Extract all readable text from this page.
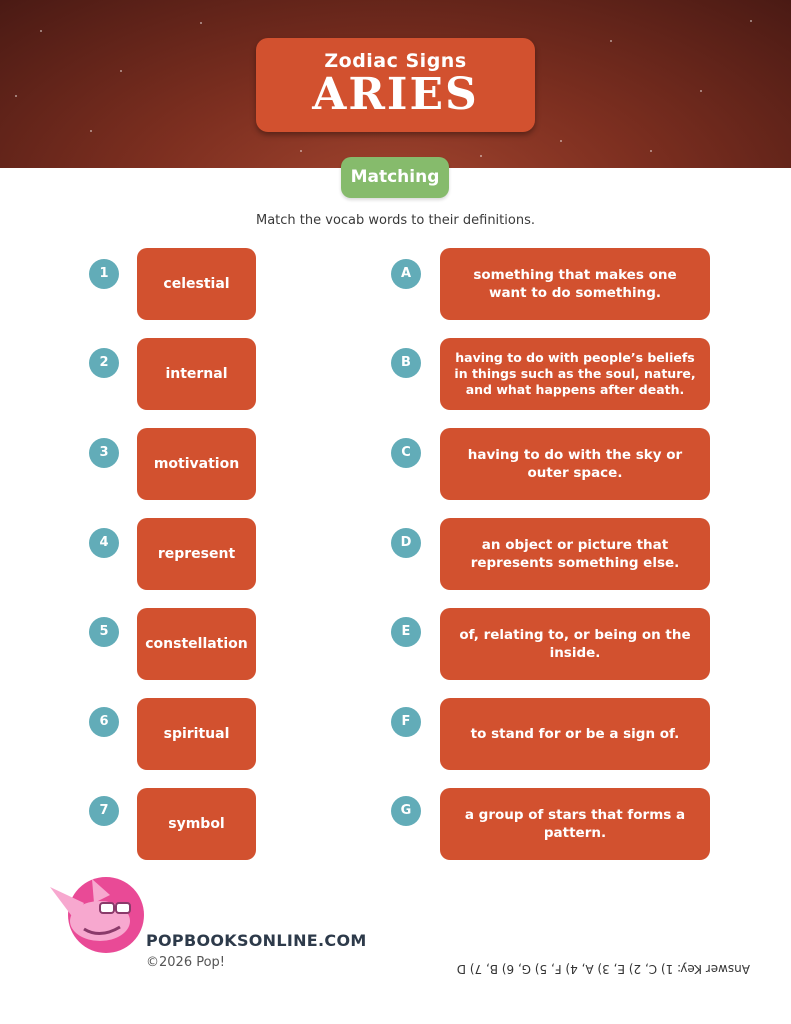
Zodiac Signs
ARIES
Matching
Match the vocab words to their definitions.
1
celestial
2
internal
3
motivation
4
represent
5
constellation
6
spiritual
7
symbol
A	something that makes one want to do something.
B	having to do with people’s beliefs in things such as the soul, nature, and what happens after death.
C	having to do with the sky or outer space.
D	an object or picture that represents something else.
E	of, relating to, or being on the inside.
F
to stand for or be a sign of.
G	a group of stars that forms a pattern.
POPBOOKSONLINE.COM
©2026 Pop!	Answer Key: 1) C, 2) E, 3) A, 4) F, 5) G, 6) B, 7) D
